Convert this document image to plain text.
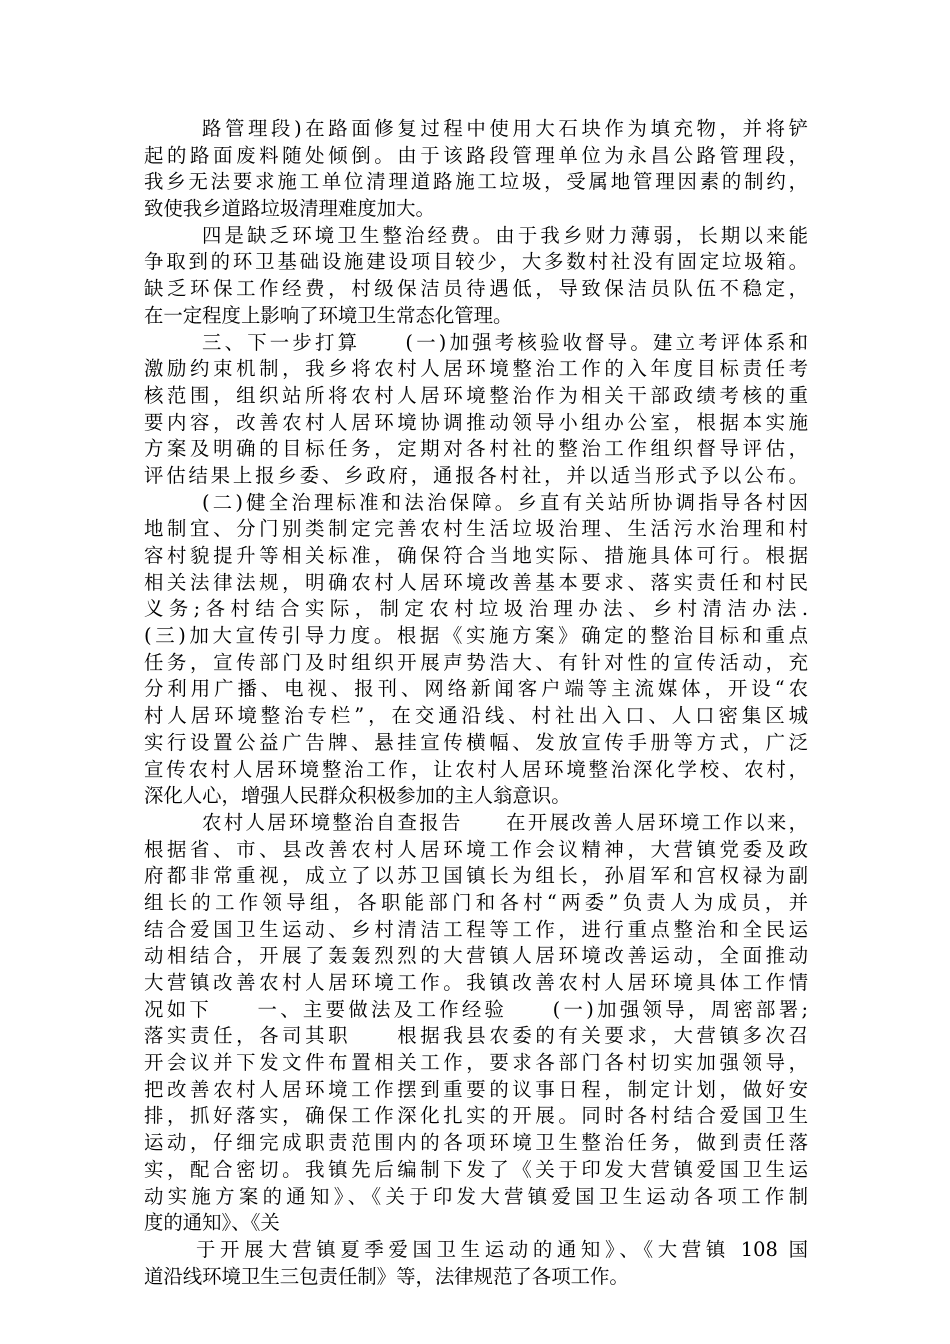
路管理段)在路面修复过程中使用大石块作为填充物，并将铲
起的路面废料随处倾倒。由于该路段管理单位为永昌公路管理段，
我乡无法要求施工单位清理道路施工垃圾，受属地管理因素的制约，
致使我乡道路垃圾清理难度加大。
四是缺乏环境卫生整治经费。由于我乡财力薄弱，长期以来能
争取到的环卫基础设施建设项目较少，大多数村社没有固定垃圾箱。
缺乏环保工作经费，村级保洁员待遇低，导致保洁员队伍不稳定，
在一定程度上影响了环境卫生常态化管理。
三、下一步打算　　(一)加强考核验收督导。建立考评体系和
激励约束机制，我乡将农村人居环境整治工作的入年度目标责任考
核范围，组织站所将农村人居环境整治作为相关干部政绩考核的重
要内容，改善农村人居环境协调推动领导小组办公室，根据本实施
方案及明确的目标任务，定期对各村社的整治工作组织督导评估，
评估结果上报乡委、乡政府，通报各村社，并以适当形式予以公布。
(二)健全治理标准和法治保障。乡直有关站所协调指导各村因
地制宜、分门别类制定完善农村生活垃圾治理、生活污水治理和村
容村貌提升等相关标准，确保符合当地实际、措施具体可行。根据
相关法律法规，明确农村人居环境改善基本要求、落实责任和村民
义务;各村结合实际，制定农村垃圾治理办法、乡村清洁办法.
(三)加大宣传引导力度。根据《实施方案》确定的整治目标和重点
任务，宣传部门及时组织开展声势浩大、有针对性的宣传活动，充
分利用广播、电视、报刊、网络新闻客户端等主流媒体，开设“农
村人居环境整治专栏”，在交通沿线、村社出入口、人口密集区城
实行设置公益广告牌、悬挂宣传横幅、发放宣传手册等方式，广泛
宣传农村人居环境整治工作，让农村人居环境整治深化学校、农村，
深化人心，增强人民群众积极参加的主人翁意识。
农村人居环境整治自查报告　　在开展改善人居环境工作以来，
根据省、市、县改善农村人居环境工作会议精神，大营镇党委及政
府都非常重视，成立了以苏卫国镇长为组长，孙眉军和宫权禄为副
组长的工作领导组，各职能部门和各村“两委”负责人为成员，并
结合爱国卫生运动、乡村清洁工程等工作，进行重点整治和全民运
动相结合，开展了轰轰烈烈的大营镇人居环境改善运动，全面推动
大营镇改善农村人居环境工作。我镇改善农村人居环境具体工作情
况如下　　一、主要做法及工作经验　　(一)加强领导，周密部署;
落实责任，各司其职　　根据我县农委的有关要求，大营镇多次召
开会议并下发文件布置相关工作，要求各部门各村切实加强领导，
把改善农村人居环境工作摆到重要的议事日程，制定计划，做好安
排，抓好落实，确保工作深化扎实的开展。同时各村结合爱国卫生
运动，仔细完成职责范围内的各项环境卫生整治任务，做到责任落
实，配合密切。我镇先后编制下发了《关于印发大营镇爱国卫生运
动实施方案的通知》、《关于印发大营镇爱国卫生运动各项工作制
度的通知》、《关
于开展大营镇夏季爱国卫生运动的通知》、《大营镇 108 国
道沿线环境卫生三包责任制》等，法律规范了各项工作。
